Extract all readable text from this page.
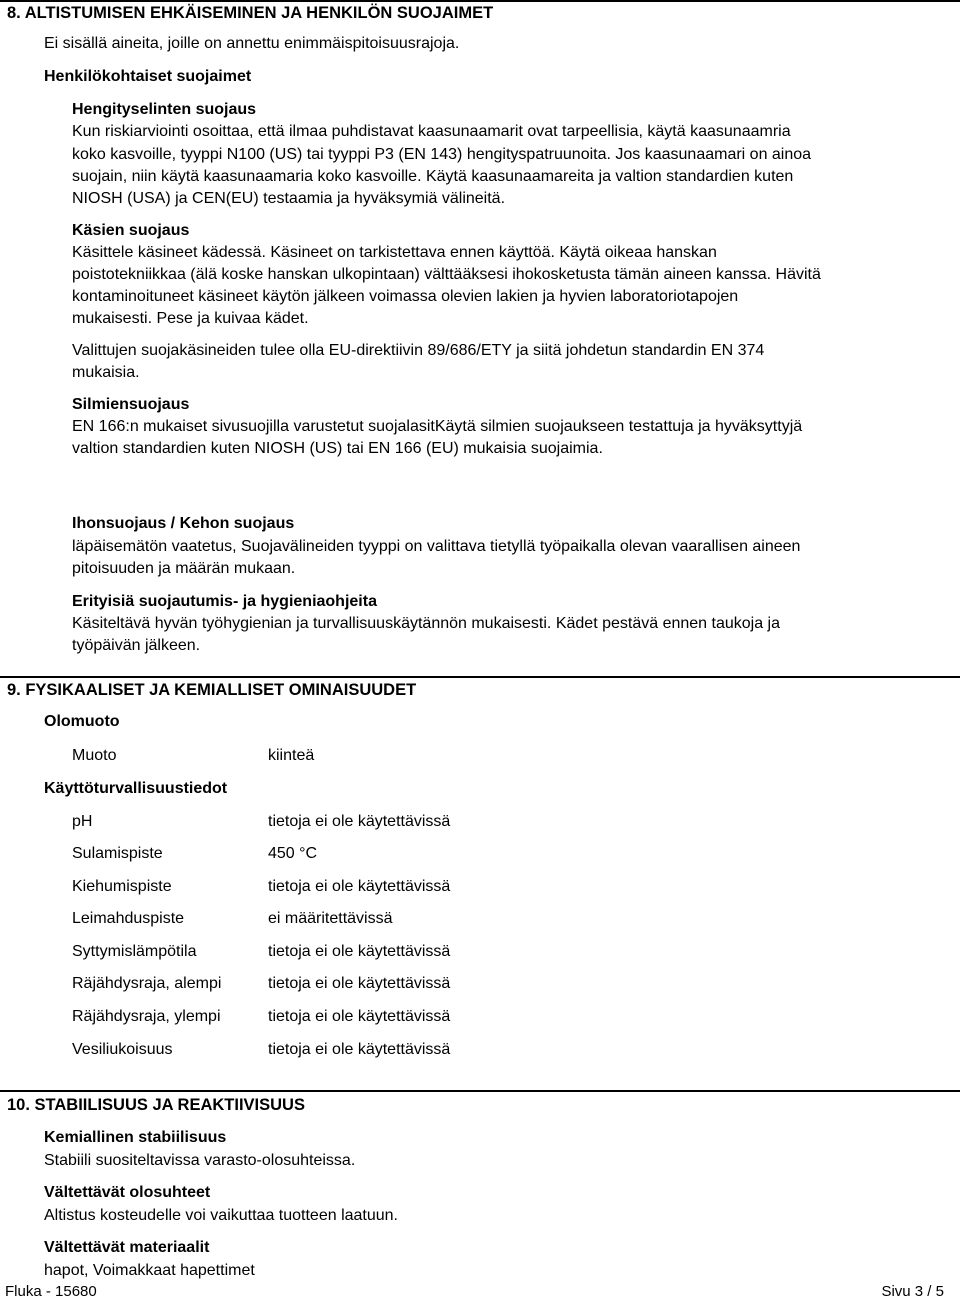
8. ALTISTUMISEN EHKÄISEMINEN JA HENKILÖN SUOJAIMET
Ei sisällä aineita, joille on annettu enimmäispitoisuusrajoja.
Henkilökohtaiset suojaimet
Hengityselinten suojaus
Kun riskiarviointi osoittaa, että ilmaa puhdistavat kaasunaamarit ovat tarpeellisia, käytä kaasunaamria
koko kasvoille, tyyppi N100 (US) tai tyyppi P3 (EN 143) hengityspatruunoita. Jos kaasunaamari on ainoa
suojain, niin käytä kaasunaamaria koko kasvoille. Käytä kaasunaamareita ja valtion standardien kuten
NIOSH (USA) ja CEN(EU) testaamia ja hyväksymiä välineitä.
Käsien suojaus
Käsittele käsineet kädessä. Käsineet on tarkistettava ennen käyttöä. Käytä oikeaa hanskan
poistotekniikkaa (älä koske hanskan ulkopintaan) välttääksesi ihokosketusta tämän aineen kanssa. Hävitä
kontaminoituneet käsineet käytön jälkeen voimassa olevien lakien ja hyvien laboratoriotapojen
mukaisesti. Pese ja kuivaa kädet.
Valittujen suojakäsineiden tulee olla EU-direktiivin 89/686/ETY ja siitä johdetun standardin EN 374
mukaisia.
Silmiensuojaus
EN 166:n mukaiset sivusuojilla varustetut suojalasitKäytä silmien suojaukseen testattuja ja hyväksyttyjä
valtion standardien kuten NIOSH (US) tai EN 166 (EU) mukaisia suojaimia.
Ihonsuojaus / Kehon suojaus
läpäisemätön vaatetus, Suojavälineiden tyyppi on valittava tietyllä työpaikalla olevan vaarallisen aineen
pitoisuuden ja määrän mukaan.
Erityisiä suojautumis- ja hygieniaohjeita
Käsiteltävä hyvän työhygienian ja turvallisuuskäytännön mukaisesti. Kädet pestävä ennen taukoja ja
työpäivän jälkeen.
9. FYSIKAALISET JA KEMIALLISET OMINAISUUDET
Olomuoto
Muoto	kiinteä
Käyttöturvallisuustiedot
pH	tietoja ei ole käytettävissä
Sulamispiste	450 °C
Kiehumispiste	tietoja ei ole käytettävissä
Leimahduspiste	ei määritettävissä
Syttymislämpötila	tietoja ei ole käytettävissä
Räjähdysraja, alempi	tietoja ei ole käytettävissä
Räjähdysraja, ylempi	tietoja ei ole käytettävissä
Vesiliukoisuus	tietoja ei ole käytettävissä
10. STABIILISUUS JA REAKTIIVISUUS
Kemiallinen stabiilisuus
Stabiili suositeltavissa varasto-olosuhteissa.
Vältettävät olosuhteet
Altistus kosteudelle voi vaikuttaa tuotteen laatuun.
Vältettävät materiaalit
hapot, Voimakkaat hapettimet
Fluka - 15680	Sivu 3 / 5
